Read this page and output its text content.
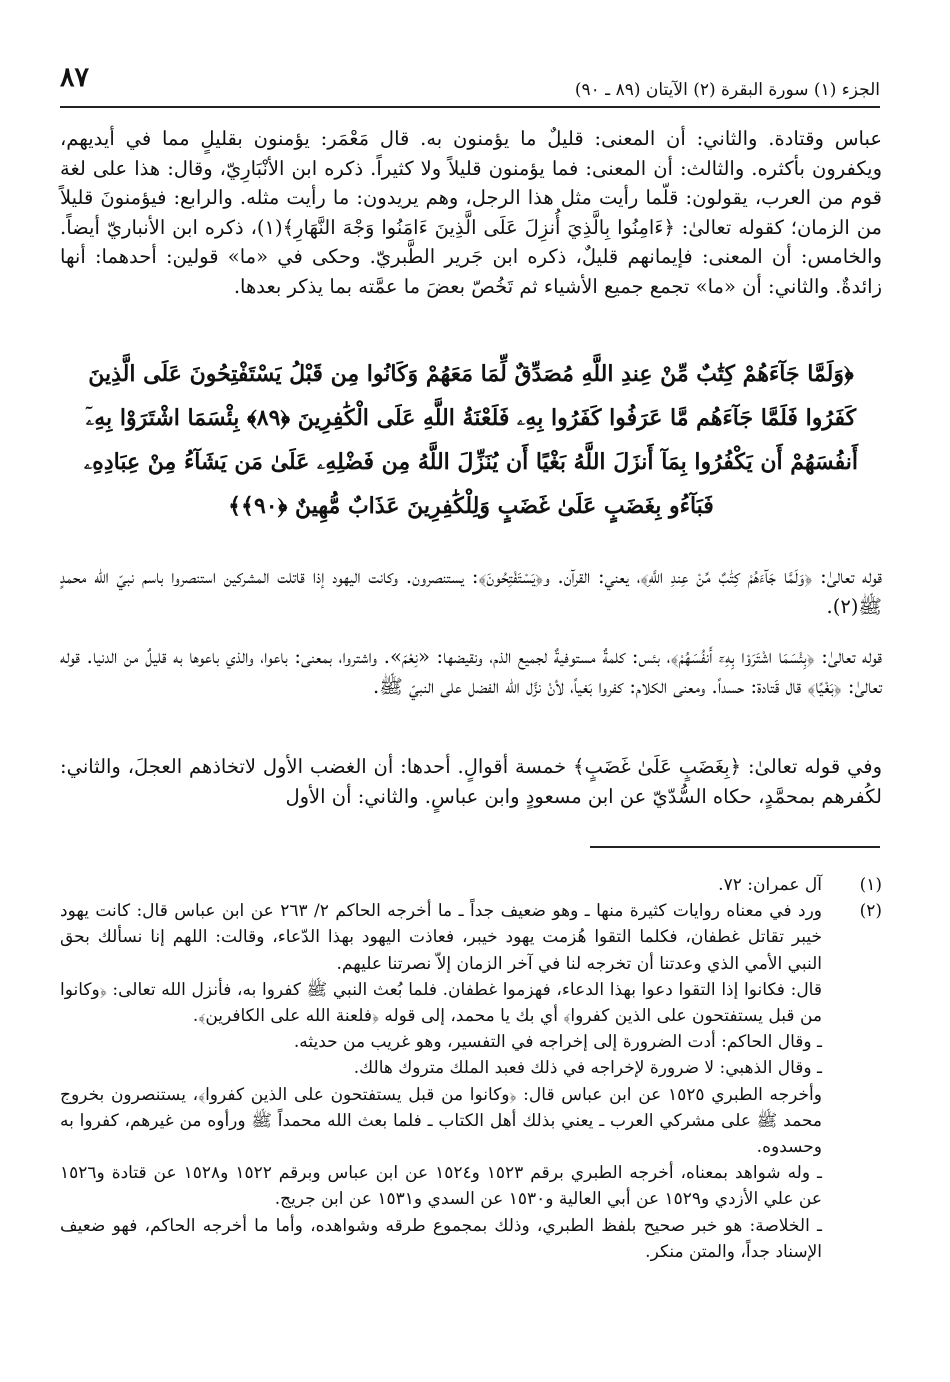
٨٧	الجزء (١) سورة البقرة (٢) الآيتان (٨٩ ـ ٩٠)

عباس وقتادة. والثاني: أن المعنى: قليلٌ ما يؤمنون به. قال مَعْمَر: يؤمنون بقليلٍ مما في أيديهم، ويكفرون بأكثره. والثالث: أن المعنى: فما يؤمنون قليلاً ولا كثيراً. ذكره ابن الأنْبَارِيّ، وقال: هذا على لغة قوم من العرب، يقولون: قلّما رأيت مثل هذا الرجل، وهم يريدون: ما رأيت مثله. والرابع: فيؤمنونَ قليلاً من الزمان؛ كقوله تعالىٰ: ﴿ءَامِنُوا بِالَّذِيَ أُنزِلَ عَلَى الَّذِينَ ءَامَنُوا وَجْهَ النَّهَارِ﴾(١)، ذكره ابن الأنباريّ أيضاً. والخامس: أن المعنى: فإيمانهم قليلٌ، ذكره ابن جَرير الطَّبريّ. وحكى في «ما» قولين: أحدهما: أنها زائدةٌ. والثاني: أن «ما» تجمع جميع الأشياء ثم تَخُصّ بعضَ ما عمَّته بما يذكر بعدها.

﴿وَلَمَّا جَآءَهُمْ كِتَٰبٌ مِّنْ عِندِ اللَّهِ مُصَدِّقٌ لِّمَا مَعَهُمْ وَكَانُوا مِن قَبْلُ يَسْتَفْتِحُونَ عَلَى الَّذِينَ كَفَرُوا فَلَمَّا جَآءَهُم مَّا عَرَفُوا كَفَرُوا بِهِۦ فَلَعْنَةُ اللَّهِ عَلَى الْكَٰفِرِينَ ﴿٨٩﴾ بِئْسَمَا اشْتَرَوْا بِهِۦٓ أَنفُسَهُمْ أَن يَكْفُرُوا بِمَآ أَنزَلَ اللَّهُ بَغْيًا أَن يُنَزِّلَ اللَّهُ مِن فَضْلِهِۦ عَلَىٰ مَن يَشَآءُ مِنْ عِبَادِهِۦ فَبَآءُو بِغَضَبٍ عَلَىٰ غَضَبٍ وَلِلْكَٰفِرِينَ عَذَابٌ مُّهِينٌ ﴿٩٠﴾﴾

قوله تعالىٰ: ﴿وَلَمَّا جَآءَهُمْ كِتَٰبٌ مِّنْ عِندِ اللَّهِ﴾، يعني: القرآن. و﴿يَسْتَفْتِحُونَ﴾: يستنصرون. وكانت اليهود إذا قاتلت المشركين استنصروا باسم نبيّ الله محمدٍ ﷺ(٢).

قوله تعالىٰ: ﴿بِئْسَمَا اشْتَرَوْا بِهِۦٓ أَنفُسَهُمْ﴾، بئس: كلمةٌ مستوفيةٌ لجميع الذم، ونقيضها: «نِعْمَ». واشتروا، بمعنى: باعوا، والذي باعوها به قليلٌ من الدنيا. قوله تعالىٰ: ﴿بَغْيًا﴾ قال قَتادة: حسداً. ومعنى الكلام: كفروا بَغياً، لأنْ نزَّل الله الفضل على النبيّ ﷺ.

وفي قوله تعالىٰ: ﴿بِغَضَبٍ عَلَىٰ غَضَبٍ﴾ خمسة أقوالٍ. أحدها: أن الغضب الأول لاتخاذهم العجلَ، والثاني: لكُفرهم بمحمَّدٍ، حكاه السُّدّيّ عن ابن مسعودٍ وابن عباسٍ. والثاني: أن الأول

(١)

آل عمران: ٧٢.

(٢)

ورد في معناه روايات كثيرة منها ـ وهو ضعيف جداً ـ ما أخرجه الحاكم ٢/ ٢٦٣ عن ابن عباس قال: كانت يهود خيبر تقاتل غطفان، فكلما التقوا هُزمت يهود خيبر، فعاذت اليهود بهذا الدّعاء، وقالت: اللهم إنا نسألك بحق النبي الأمي الذي وعدتنا أن تخرجه لنا في آخر الزمان إلاّ نصرتنا عليهم.

قال: فكانوا إذا التقوا دعوا بهذا الدعاء، فهزموا غطفان. فلما بُعث النبي ﷺ كفروا به، فأنزل الله تعالى: ﴿وكانوا من قبل يستفتحون على الذين كفروا﴾ أي بك يا محمد، إلى قوله ﴿فلعنة الله على الكافرين﴾.

ـ وقال الحاكم: أدت الضرورة إلى إخراجه في التفسير، وهو غريب من حديثه.

ـ وقال الذهبي: لا ضرورة لإخراجه في ذلك فعبد الملك متروك هالك.

وأخرجه الطبري ١٥٢٥ عن ابن عباس قال: ﴿وكانوا من قبل يستفتحون على الذين كفروا﴾، يستنصرون بخروج محمد ﷺ على مشركي العرب ـ يعني بذلك أهل الكتاب ـ فلما بعث الله محمداً ﷺ ورأوه من غيرهم، كفروا به وحسدوه.

ـ وله شواهد بمعناه، أخرجه الطبري برقم ١٥٢٣ و١٥٢٤ عن ابن عباس وبرقم ١٥٢٢ و١٥٢٨ عن قتادة و١٥٢٦ عن علي الأزدي و١٥٢٩ عن أبي العالية و١٥٣٠ عن السدي و١٥٣١ عن ابن جريج.

ـ الخلاصة: هو خبر صحيح بلفظ الطبري، وذلك بمجموع طرقه وشواهده، وأما ما أخرجه الحاكم، فهو ضعيف الإسناد جداً، والمتن منكر.
